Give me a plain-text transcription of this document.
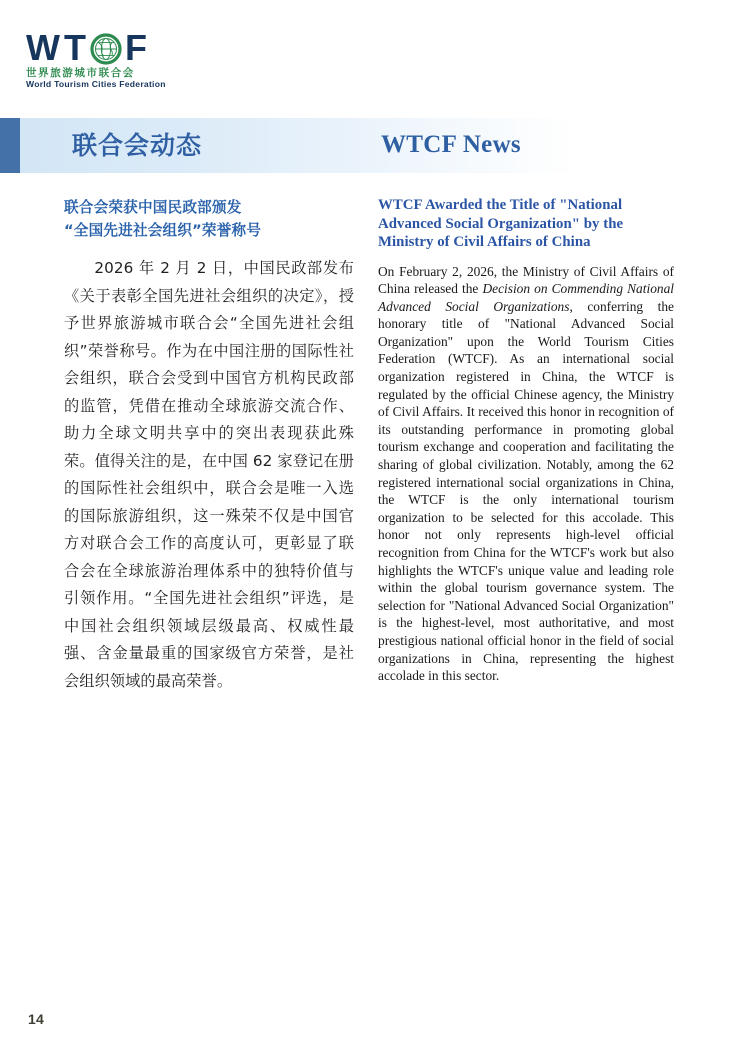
W T F
世界旅游城市联合会
World Tourism Cities Federation
联合会动态	WTCF News
联合会荣获中国民政部颁发
“全国先进社会组织”荣誉称号

2026 年 2 月 2 日，中国民政部发布《关于表彰全国先进社会组织的决定》，授予世界旅游城市联合会“全国先进社会组织”荣誉称号。作为在中国注册的国际性社会组织，联合会受到中国官方机构民政部的监管，凭借在推动全球旅游交流合作、助力全球文明共享中的突出表现获此殊荣。值得关注的是，在中国 62 家登记在册的国际性社会组织中，联合会是唯一入选的国际旅游组织，这一殊荣不仅是中国官方对联合会工作的高度认可，更彰显了联合会在全球旅游治理体系中的独特价值与引领作用。“全国先进社会组织”评选，是中国社会组织领域层级最高、权威性最强、含金量最重的国家级官方荣誉，是社会组织领域的最高荣誉。

WTCF Awarded the Title of "National Advanced Social Organization" by the Ministry of Civil Affairs of China

On February 2, 2026, the Ministry of Civil Affairs of China released the Decision on Commending National Advanced Social Organizations, conferring the honorary title of "National Advanced Social Organization" upon the World Tourism Cities Federation (WTCF). As an international social organization registered in China, the WTCF is regulated by the official Chinese agency, the Ministry of Civil Affairs. It received this honor in recognition of its outstanding performance in promoting global tourism exchange and cooperation and facilitating the sharing of global civilization. Notably, among the 62 registered international social organizations in China, the WTCF is the only international tourism organization to be selected for this accolade. This honor not only represents high-level official recognition from China for the WTCF's work but also highlights the WTCF's unique value and leading role within the global tourism governance system. The selection for "National Advanced Social Organization" is the highest-level, most authoritative, and most prestigious national official honor in the field of social organizations in China, representing the highest accolade in this sector.

14
